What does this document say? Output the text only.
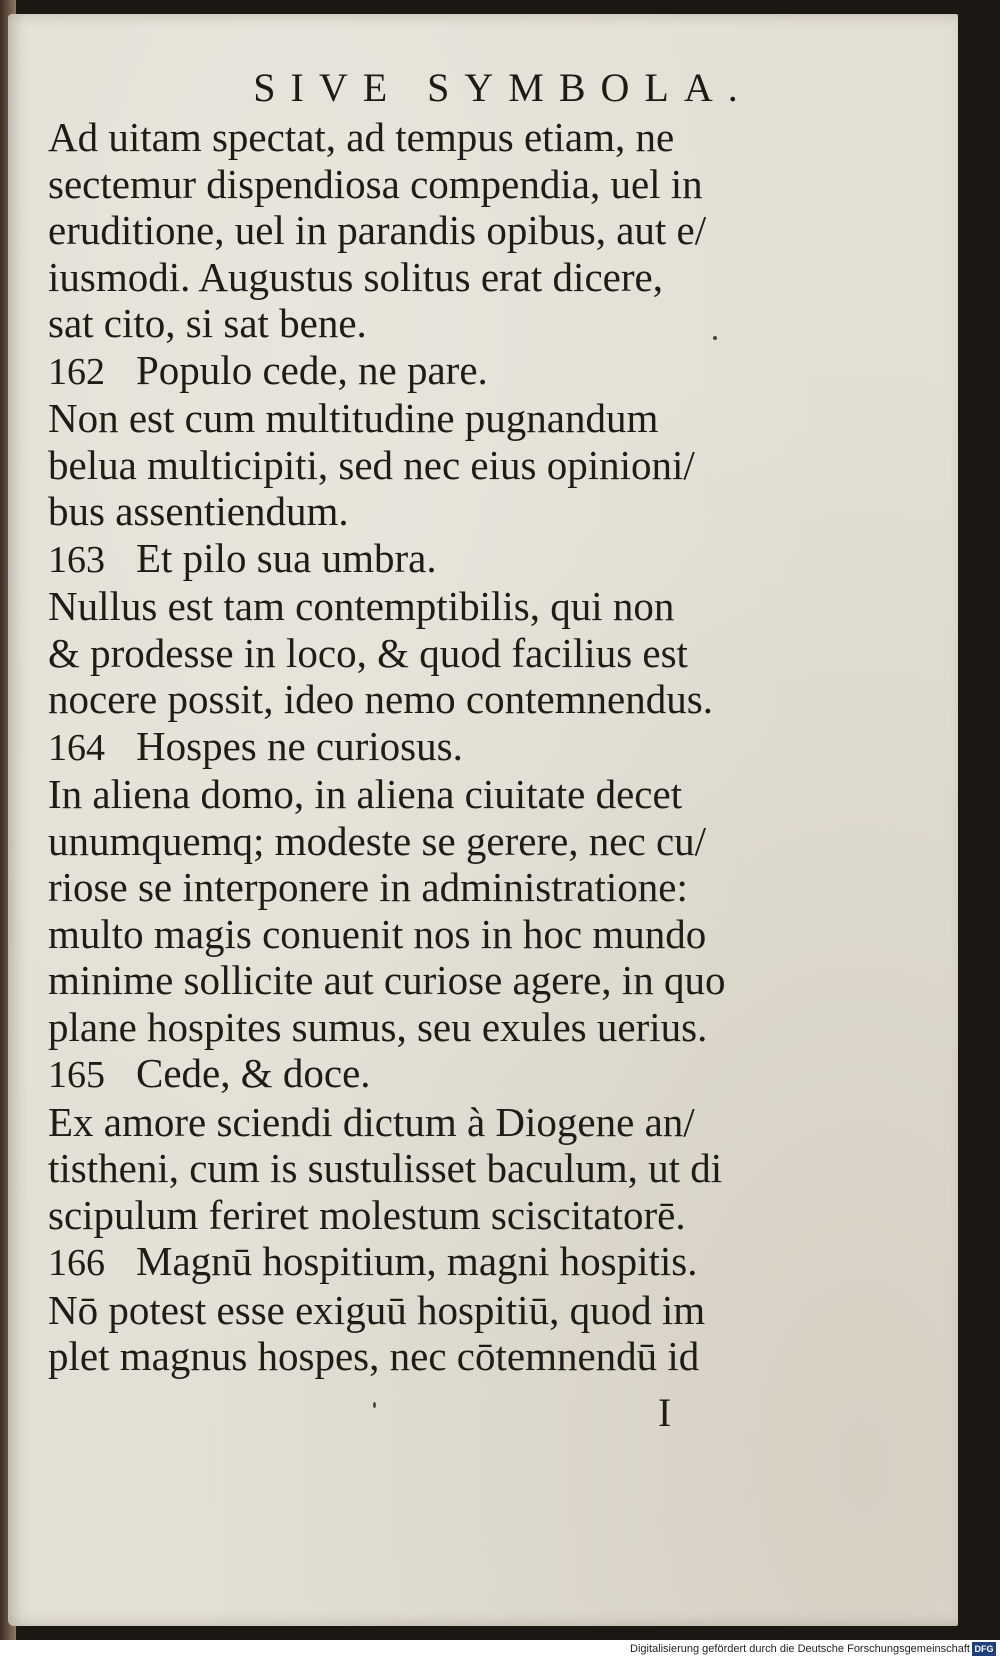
SIVE SYMBOLA.
Ad uitam spectat, ad tempus etiam, ne
sectemur dispendiosa compendia, uel in
eruditione, uel in parandis opibus, aut e/
iusmodi. Augustus solitus erat dicere,
sat cito, si sat bene.
162 Populo cede, ne pare.
Non est cum multitudine pugnandum
belua multicipiti, sed nec eius opinioni/
bus assentiendum.
163 Et pilo sua umbra.
Nullus est tam contemptibilis, qui non
& prodesse in loco, & quod facilius est
nocere possit, ideo nemo contemnendus.
164 Hospes ne curiosus.
In aliena domo, in aliena ciuitate decet
unumquemq; modeste se gerere, nec cu/
riose se interponere in administratione:
multo magis conuenit nos in hoc mundo
minime sollicite aut curiose agere, in quo
plane hospites sumus, seu exules uerius.
165 Cede, & doce.
Ex amore sciendi dictum à Diogene an/
tistheni, cum is sustulisset baculum, ut di
scipulum feriret molestum sciscitatorē.
166 Magnū hospitium, magni hospitis.
Nō potest esse exiguū hospitiū, quod im
plet magnus hospes, nec cōtemnendū id
I
Digitalisierung gefördert durch die Deutsche Forschungsgemeinschaft DFG
